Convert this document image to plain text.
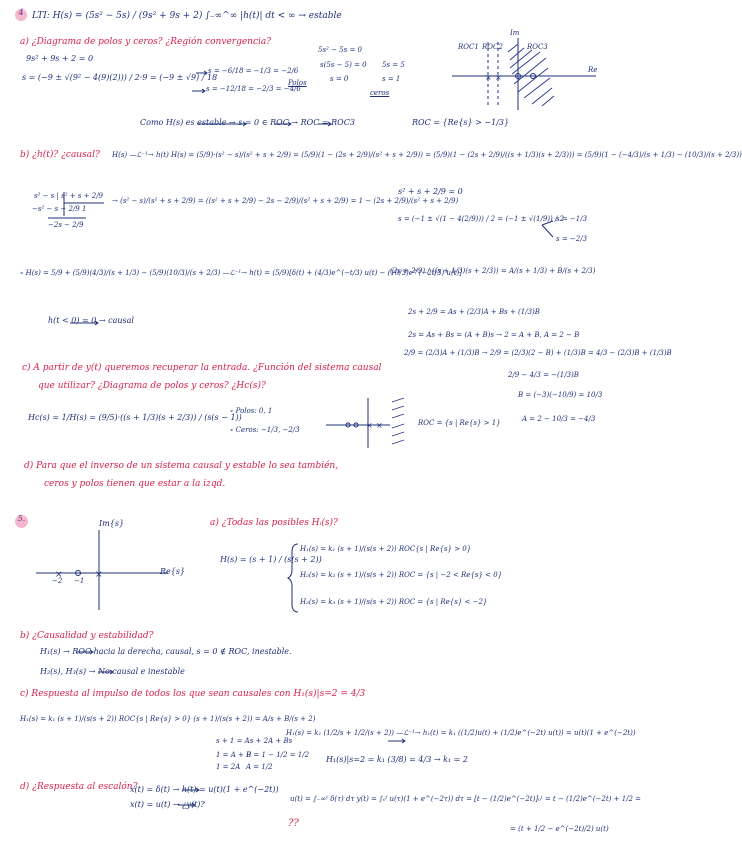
× ×
× ×
×	×
4 LTI: H(s) = (5s² − 5s) / (9s² + 9s + 2) ∫₋∞^∞ |h(t)| dt < ∞ → estable
a) ¿Diagrama de polos y ceros? ¿Región convergencia?
9s² + 9s + 2 = 0
s = (−9 ± √(9² − 4(9)(2))) / 2·9 = (−9 ± √9) / 18
s = −6/18 = −1/3 = −2/6
s = −12/18 = −2/3 = −4/6
Polos
5s² − 5s = 0
s(5s − 5) = 0
s = 0
5s = 5
s = 1
ceros
ROC1 ROC2	ROC3
Im
Re
Como H(s) es estable → s = 0 ∈ ROC → ROC = ROC3	ROC = {Re{s} > −1/3}
b) ¿h(t)? ¿causal? H(s) —ℒ⁻¹→ h(t) H(s) = (5/9)·(s² − s)/(s² + s + 2/9) = (5/9)(1 − (2s + 2/9)/(s² + s + 2/9)) = (5/9)(1 − (2s + 2/9)/((s + 1/3)(s + 2/3))) = (5/9)(1 − (−4/3)/(s + 1/3) − (10/3)/(s + 2/3))
s² − s | s² + s + 2/9
−s² − s − 2/9 1
−2s − 2/9
→ (s² − s)/(s² + s + 2/9) = ((s² + s + 2/9) − 2s − 2/9)/(s² + s + 2/9) = 1 − (2s + 2/9)/(s² + s + 2/9)
s² + s + 2/9 = 0
s = (−1 ± √(1 − 4(2/9))) / 2 = (−1 ± √(1/9)) / 2
s = −1/3
s = −2/3
∘ H(s) = 5/9 + (5/9)(4/3)/(s + 1/3) − (5/9)(10/3)/(s + 2/3) —ℒ⁻¹→ h(t) = (5/9)[δ(t) + (4/3)e^(−t/3) u(t) − (10/3)e^(−2t/3) u(t)]
(2s + 2/9) / ((s + 1/3)(s + 2/3)) = A/(s + 1/3) + B/(s + 2/3)
2s + 2/9 = As + (2/3)A + Bs + (1/3)B
2s = As + Bs = (A + B)s → 2 = A + B, A = 2 − B
2/9 = (2/3)A + (1/3)B → 2/9 = (2/3)(2 − B) + (1/3)B = 4/3 − (2/3)B + (1/3)B
2/9 − 4/3 = −(1/3)B
B = (−3)(−10/9) = 10/3
A = 2 − 10/3 = −4/3
h(t < 0) = 0 → causal
c) A partir de y(t) queremos recuperar la entrada. ¿Función del sistema causal
que utilizar? ¿Diagrama de polos y ceros? ¿Hc(s)?
Hc(s) = 1/H(s) = (9/5)·((s + 1/3)(s + 2/3)) / (s(s − 1))
∘ Polos: 0, 1
∘ Ceros: −1/3, −2/3
ROC = {s | Re{s} > 1}
d) Para que el inverso de un sistema causal y estable lo sea también,
ceros y polos tienen que estar a la izqd.
5.
Im{s}
Re{s}
−2 −1
a) ¿Todas las posibles Hᵢ(s)?
H(s) = (s + 1) / (s(s + 2))
H₁(s) = k₁ (s + 1)/(s(s + 2)) ROC{s | Re{s} > 0}
H₂(s) = k₂ (s + 1)/(s(s + 2)) ROC = {s | −2 < Re{s} < 0}
H₃(s) = k₃ (s + 1)/(s(s + 2)) ROC = {s | Re{s} < −2}
b) ¿Causalidad y estabilidad?
H₁(s) → ROC hacia la derecha, causal, s = 0 ∉ ROC, inestable.
H₂(s), H₃(s) → No causal e inestable
c) Respuesta al impulso de todos los que sean causales con H₁(s)|s=2 = 4/3
H₁(s) = k₁ (s + 1)/(s(s + 2)) ROC{s | Re{s} > 0} (s + 1)/(s(s + 2)) = A/s + B/(s + 2)
s + 1 = As + 2A + Bs
1 = A + B
1 = 2A
B = 1 − 1/2 = 1/2
A = 1/2
H₁(s) = k₁ (1/2/s + 1/2/(s + 2)) —ℒ⁻¹→ h₁(t) = k₁ ((1/2)u(t) + (1/2)e^(−2t) u(t)) = u(t)(1 + e^(−2t))
H₁(s)|s=2 = k₁ (3/8) = 4/3 → k₁ = 2
d) ¿Respuesta al escalón?
x(t) = δ(t) → h(t) = u(t)(1 + e^(−2t))
x(t) = u(t) → ¿y(t)?
u(t) = ∫₋∞ᵗ δ(τ) dτ y(t) = ∫₀ᵗ u(τ)(1 + e^(−2τ)) dτ = [t − (1/2)e^(−2t)]₀ᵗ = t − (1/2)e^(−2t) + 1/2 =
= (t + 1/2 − e^(−2t)/2) u(t)
??
